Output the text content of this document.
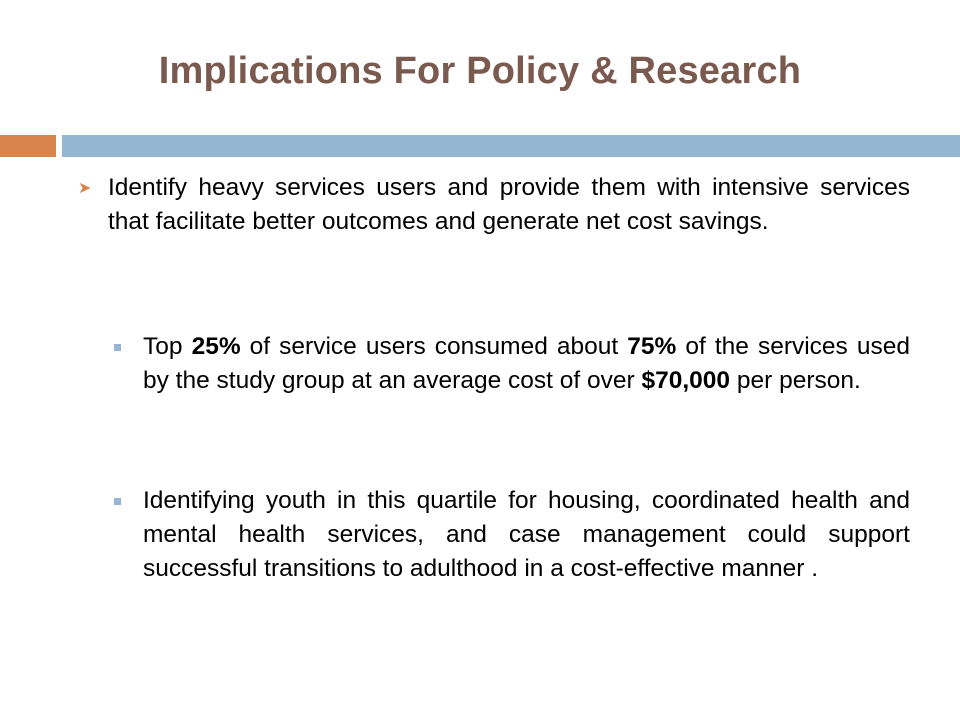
Implications For Policy & Research
➤ Identify heavy services users and provide them with intensive services that facilitate better outcomes and generate net cost savings.
Top 25% of service users consumed about 75% of the services used by the study group at an average cost of over $70,000 per person.
Identifying youth in this quartile for housing, coordinated health and mental health services, and case management could support successful transitions to adulthood in a cost-effective manner .
